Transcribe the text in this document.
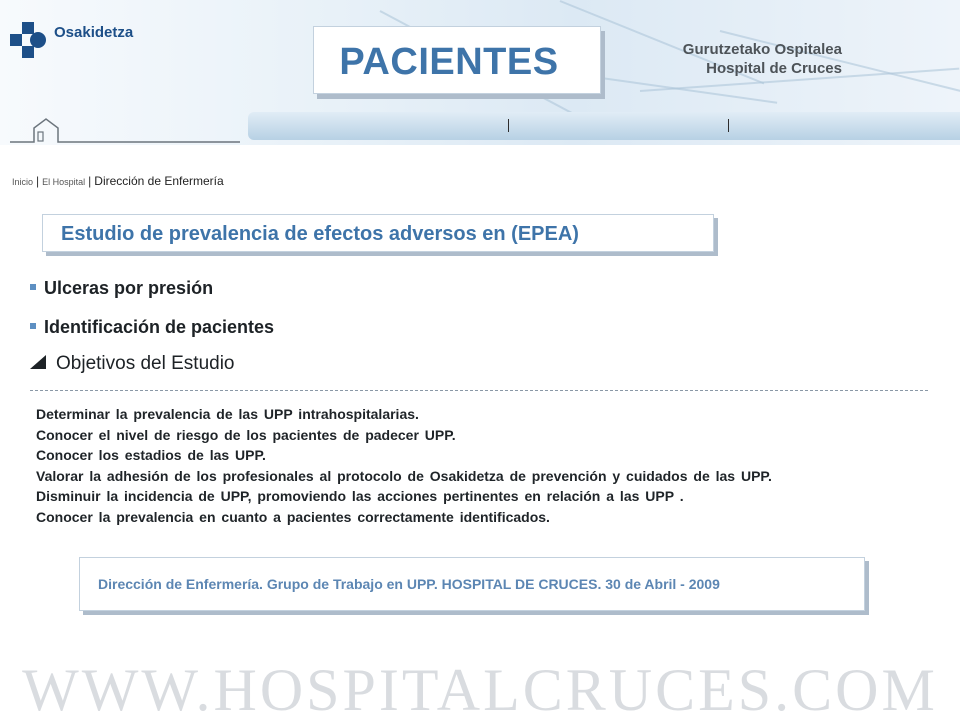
Osakidetza
PACIENTES	Gurutzetako Ospitalea
Hospital de Cruces
Inicio | El Hospital | Dirección de Enfermería
Estudio de prevalencia de efectos adversos en (EPEA)
Ulceras por presión
Identificación de pacientes
Objetivos del Estudio
Determinar la prevalencia de las UPP intrahospitalarias.
Conocer el nivel de riesgo de los pacientes de padecer UPP.
Conocer los estadios de las UPP.
Valorar la adhesión de los profesionales al protocolo de Osakidetza de prevención y cuidados de las UPP.
Disminuir la incidencia de UPP, promoviendo las acciones pertinentes en relación a las UPP .
Conocer la prevalencia en cuanto a pacientes correctamente identificados.
Dirección de Enfermería. Grupo de Trabajo en UPP. HOSPITAL DE CRUCES. 30 de Abril - 2009
WWW.HOSPITALCRUCES.COM
